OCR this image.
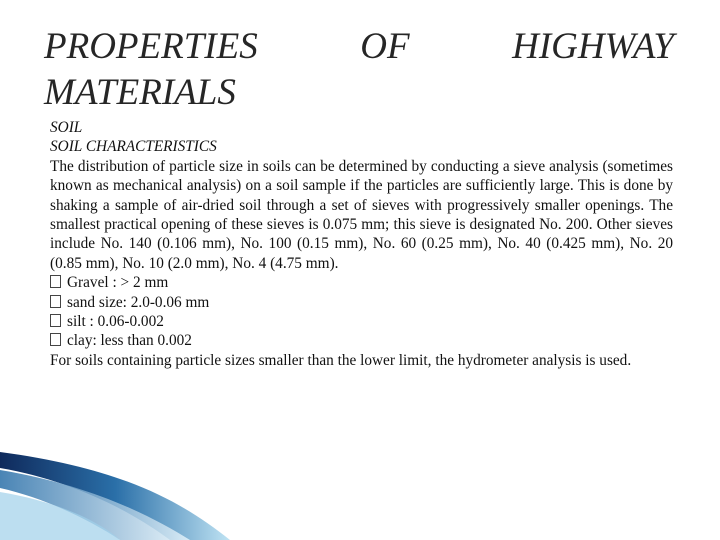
PROPERTIES	OF	HIGHWAY
MATERIALS
SOIL
SOIL CHARACTERISTICS

The distribution of particle size in soils can be determined by conducting a sieve analysis (sometimes known as mechanical analysis) on a soil sample if the particles are sufficiently large. This is done by shaking a sample of air-dried soil through a set of sieves with progressively smaller openings. The smallest practical opening of these sieves is 0.075 mm; this sieve is designated No. 200. Other sieves include No. 140 (0.106 mm), No. 100 (0.15 mm), No. 60 (0.25 mm), No. 40 (0.425 mm), No. 20 (0.85 mm), No. 10 (2.0 mm), No. 4 (4.75 mm).

Gravel : > 2 mm
sand size: 2.0-0.06 mm
silt : 0.06-0.002
clay: less than 0.002

For soils containing particle sizes smaller than the lower limit, the hydrometer analysis is used.
